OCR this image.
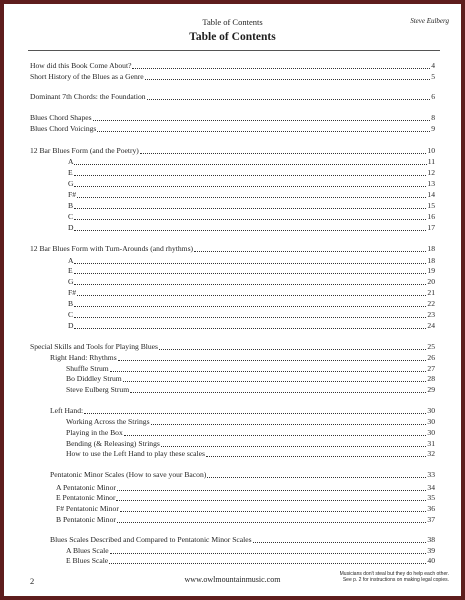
Table of Contents	Steve Eulberg
Table of Contents
How did this Book Come About?	4
Short History of the Blues as a Genre	5
Dominant 7th Chords: the Foundation	6
Blues Chord Shapes	8
Blues Chord Voicings	9
12 Bar Blues Form (and the Poetry)	10
A	11
E	12
G	13
F#	14
B	15
C	16
D	17
12 Bar Blues Form with Turn-Arounds (and rhythms)	18
A	18
E	19
G	20
F#	21
B	22
C	23
D	24
Special Skills and Tools for Playing Blues	25
Right Hand: Rhythms	26
Shuffle Strum	27
Bo Diddley Strum	28
Steve Eulberg Strum	29
Left Hand:	30
Working Across the Strings	30
Playing in the Box	30
Bending (& Releasing) Strings	31
How to use the Left Hand to play these scales	32
Pentatonic Minor Scales (How to save your Bacon)	33
A Pentatonic Minor	34
E Pentatonic Minor	35
F# Pentatonic Minor	36
B Pentatonic Minor	37
Blues Scales Described and Compared to Pentatonic Minor Scales	38
A Blues Scale	39
E Blues Scale	40
2	www.owlmountainmusic.com
Musicians don't steal but they do help each other.
See p. 2 for instructions on making legal copies.
